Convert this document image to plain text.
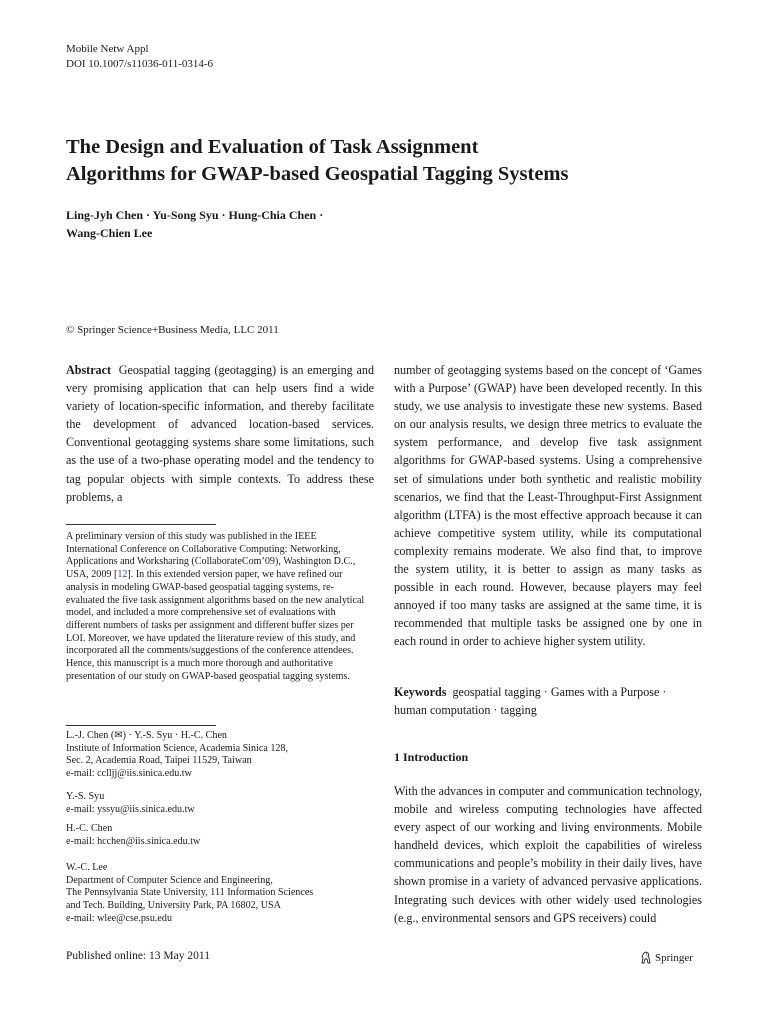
Mobile Netw Appl
DOI 10.1007/s11036-011-0314-6
The Design and Evaluation of Task Assignment
Algorithms for GWAP-based Geospatial Tagging Systems
Ling-Jyh Chen · Yu-Song Syu · Hung-Chia Chen ·
Wang-Chien Lee
© Springer Science+Business Media, LLC 2011
Abstract Geospatial tagging (geotagging) is an emerging and very promising application that can help users find a wide variety of location-specific information, and thereby facilitate the development of advanced location-based services. Conventional geotagging systems share some limitations, such as the use of a two-phase operating model and the tendency to tag popular objects with simple contexts. To address these problems, a
number of geotagging systems based on the concept of ‘Games with a Purpose’ (GWAP) have been developed recently. In this study, we use analysis to investigate these new systems. Based on our analysis results, we design three metrics to evaluate the system performance, and develop five task assignment algorithms for GWAP-based systems. Using a comprehensive set of simulations under both synthetic and realistic mobility scenarios, we find that the Least-Throughput-First Assignment algorithm (LTFA) is the most effective approach because it can achieve competitive system utility, while its computational complexity remains moderate. We also find that, to improve the system utility, it is better to assign as many tasks as possible in each round. However, because players may feel annoyed if too many tasks are assigned at the same time, it is recommended that multiple tasks be assigned one by one in each round in order to achieve higher system utility.
Keywords geospatial tagging · Games with a Purpose ·
human computation · tagging
1 Introduction
With the advances in computer and communication technology, mobile and wireless computing technologies have affected every aspect of our working and living environments. Mobile handheld devices, which exploit the capabilities of wireless communications and people’s mobility in their daily lives, have shown promise in a variety of advanced pervasive applications. Integrating such devices with other widely used technologies (e.g., environmental sensors and GPS receivers) could
A preliminary version of this study was published in the IEEE International Conference on Collaborative Computing: Networking, Applications and Worksharing (CollaborateCom’09), Washington D.C., USA, 2009 [12]. In this extended version paper, we have refined our analysis in modeling GWAP-based geospatial tagging systems, re-evaluated the five task assignment algorithms based on the new analytical model, and included a more comprehensive set of evaluations with different numbers of tasks per assignment and different buffer sizes per LOI. Moreover, we have updated the literature review of this study, and incorporated all the comments/suggestions of the conference attendees. Hence, this manuscript is a much more thorough and authoritative presentation of our study on GWAP-based geospatial tagging systems.
L.-J. Chen (✉) · Y.-S. Syu · H.-C. Chen
Institute of Information Science, Academia Sinica 128,
Sec. 2, Academia Road, Taipei 11529, Taiwan
e-mail: cclljj@iis.sinica.edu.tw
Y.-S. Syu
e-mail: yssyu@iis.sinica.edu.tw
H.-C. Chen
e-mail: hcchen@iis.sinica.edu.tw
W.-C. Lee
Department of Computer Science and Engineering,
The Pennsylvania State University, 111 Information Sciences
and Tech. Building, University Park, PA 16802, USA
e-mail: wlee@cse.psu.edu
Published online: 13 May 2011	Springer
